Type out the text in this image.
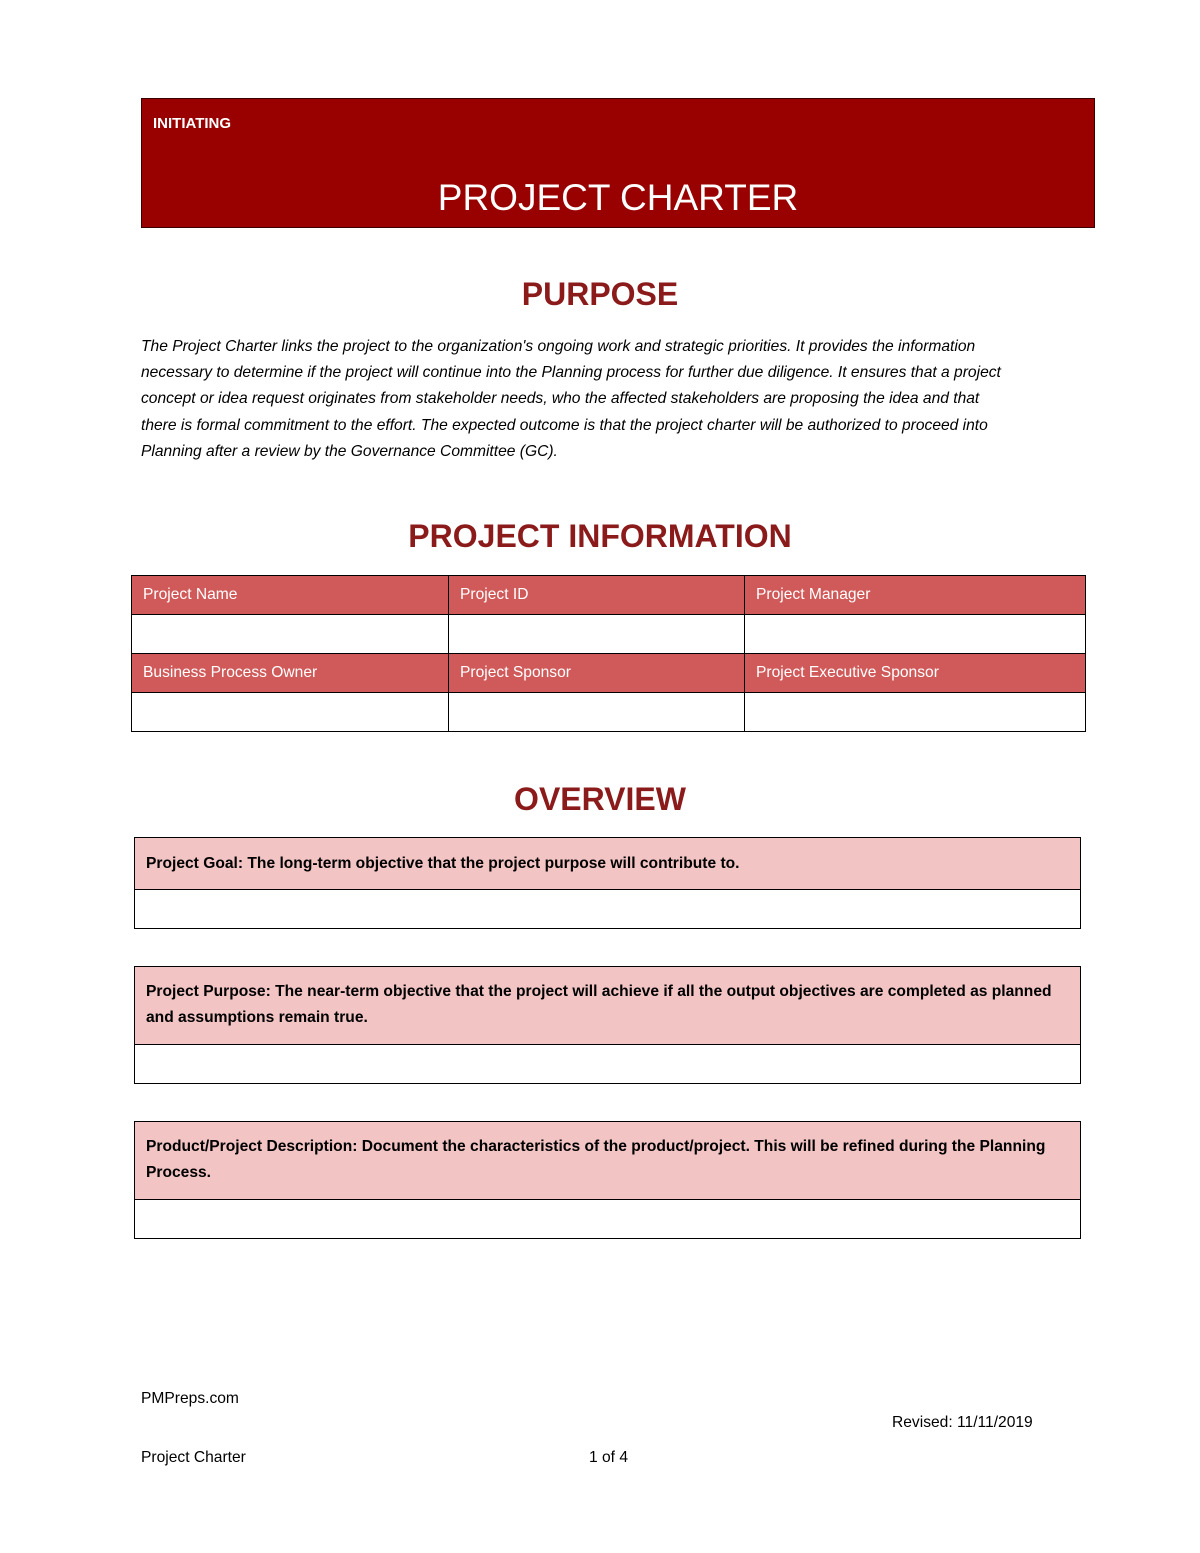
INITIATING
PROJECT CHARTER
PURPOSE
The Project Charter links the project to the organization's ongoing work and strategic priorities. It provides the information necessary to determine if the project will continue into the Planning process for further due diligence. It ensures that a project concept or idea request originates from stakeholder needs, who the affected stakeholders are proposing the idea and that there is formal commitment to the effort. The expected outcome is that the project charter will be authorized to proceed into Planning after a review by the Governance Committee (GC).
PROJECT INFORMATION
Project Name	Project ID	Project Manager

Business Process Owner	Project Sponsor	Project Executive Sponsor

OVERVIEW
Project Goal: The long-term objective that the project purpose will contribute to.
Project Purpose: The near-term objective that the project will achieve if all the output objectives are completed as planned and assumptions remain true.
Product/Project Description: Document the characteristics of the product/project. This will be refined during the Planning Process.
PMPreps.com
Revised: 11/11/2019
Project Charter	1 of 4
